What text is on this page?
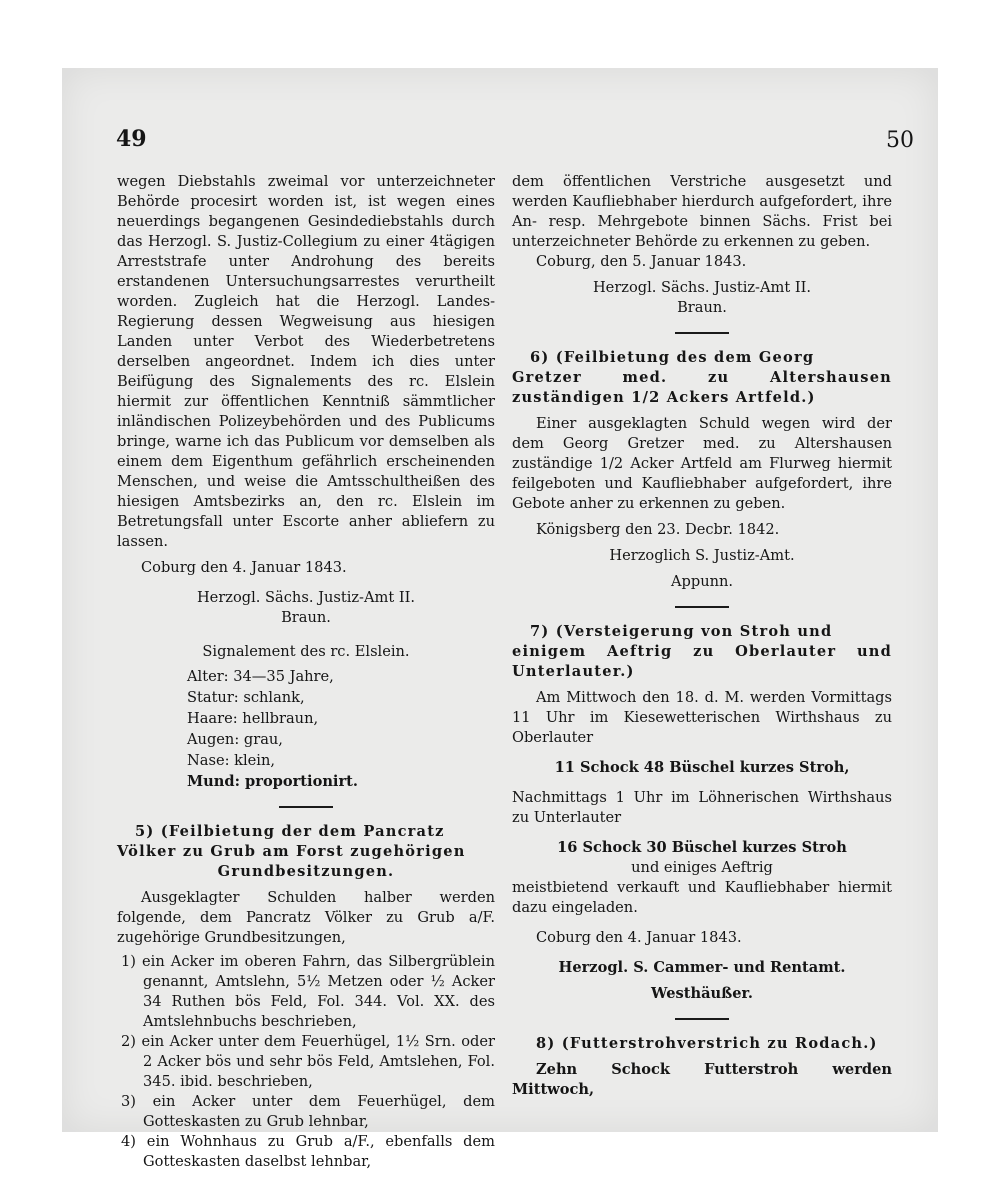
49	50

wegen Diebstahls zweimal vor unterzeichneter Behörde procesirt worden ist, ist wegen eines neuerdings begangenen Gesindediebstahls durch das Herzogl. S. Justiz-Collegium zu einer 4tägigen Arreststrafe unter Androhung des bereits erstandenen Untersuchungsarrestes verurtheilt worden. Zugleich hat die Herzogl. Landes-Regierung dessen Wegweisung aus hiesigen Landen unter Verbot des Wiederbetretens derselben angeordnet. Indem ich dies unter Beifügung des Signalements des rc. Elslein hiermit zur öffentlichen Kenntniß sämmtlicher inländischen Polizeybehörden und des Publicums bringe, warne ich das Publicum vor demselben als einem dem Eigenthum gefährlich erscheinenden Menschen, und weise die Amtsschultheißen des hiesigen Amtsbezirks an, den rc. Elslein im Betretungsfall unter Escorte anher abliefern zu lassen.

Coburg den 4. Januar 1843.

Herzogl. Sächs. Justiz-Amt II.

Braun.

Signalement des rc. Elslein.

Alter: 34—35 Jahre,
Statur: schlank,
Haare: hellbraun,
Augen: grau,
Nase: klein,
Mund: proportionirt.
5) (Feilbietung der dem Pancratz
Völker zu Grub am Forst zugehörigen
Grundbesitzungen.

Ausgeklagter Schulden halber werden folgende, dem Pancratz Völker zu Grub a/F. zugehörige Grundbesitzungen,

1) ein Acker im oberen Fahrn, das Silbergrüblein genannt, Amtslehn, 5½ Metzen oder ½ Acker 34 Ruthen bös Feld, Fol. 344. Vol. XX. des Amtslehnbuchs beschrieben,
2) ein Acker unter dem Feuerhügel, 1½ Srn. oder 2 Acker bös und sehr bös Feld, Amtslehen, Fol. 345. ibid. beschrieben,
3) ein Acker unter dem Feuerhügel, dem Gotteskasten zu Grub lehnbar,
4) ein Wohnhaus zu Grub a/F., ebenfalls dem Gotteskasten daselbst lehnbar,

dem öffentlichen Verstriche ausgesetzt und werden Kaufliebhaber hierdurch aufgefordert, ihre An- resp. Mehrgebote binnen Sächs. Frist bei unterzeichneter Behörde zu erkennen zu geben.

Coburg, den 5. Januar 1843.

Herzogl. Sächs. Justiz-Amt II.

Braun.

6) (Feilbietung des dem Georg
Gretzer med. zu Altershausen zuständigen 1/2 Ackers Artfeld.)

Einer ausgeklagten Schuld wegen wird der dem Georg Gretzer med. zu Altershausen zuständige 1/2 Acker Artfeld am Flurweg hiermit feilgeboten und Kaufliebhaber aufgefordert, ihre Gebote anher zu erkennen zu geben.

Königsberg den 23. Decbr. 1842.

Herzoglich S. Justiz-Amt.

Appunn.

7) (Versteigerung von Stroh und
einigem Aeftrig zu Oberlauter und Unterlauter.)

Am Mittwoch den 18. d. M. werden Vormittags 11 Uhr im Kiesewetterischen Wirthshaus zu Oberlauter

11 Schock 48 Büschel kurzes Stroh,

Nachmittags 1 Uhr im Löhnerischen Wirthshaus zu Unterlauter

16 Schock 30 Büschel kurzes Stroh

und einiges Aeftrig

meistbietend verkauft und Kaufliebhaber hiermit dazu eingeladen.

Coburg den 4. Januar 1843.

Herzogl. S. Cammer- und Rentamt.

Westhäußer.

8) (Futterstrohverstrich zu Rodach.)

Zehn Schock Futterstroh werden Mittwoch,
